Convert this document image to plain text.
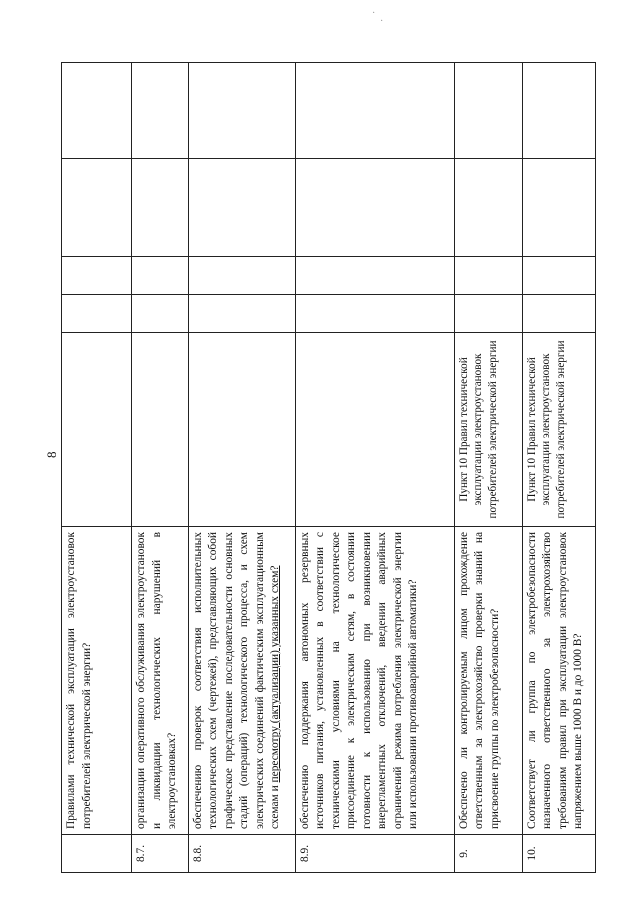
8
	Правилами технической эксплуатации электроустановок потребителей электрической энергии?					
8.7.	организации оперативного обслуживания электроустановок и ликвидации технологических нарушений в электроустановках?					
8.8.	обеспечению проверок соответствия исполнительных технологических схем (чертежей), представляющих собой графическое представление последовательности основных стадий (операций) технологического процесса, и схем электрических соединений фактическим эксплуатационным схемам и пересмотру (актуализации) указанных схем?					
8.9.	обеспечению поддержания автономных резервных источников питания, установленных в соответствии с техническими условиями на технологическое присоединение к электрическим сетям, в состоянии готовности к использованию при возникновении внерегламентных отключений, введении аварийных ограничений режима потребления электрической энергии или использовании противоаварийной автоматики?					
9.	Обеспечено ли контролируемым лицом прохождение ответственным за электрохозяйство проверки знаний на присвоение группы по электробезопасности?	Пункт 10 Правил технической эксплуатации электроустановок потребителей электрической энергии				
10.	Соответствует ли группа по электробезопасности назначенного ответственного за электрохозяйство требованиям правил при эксплуатации электроустановок напряжением выше 1000 В и до 1000 В?	Пункт 10 Правил технической эксплуатации электроустановок потребителей электрической энергии				
·
·
